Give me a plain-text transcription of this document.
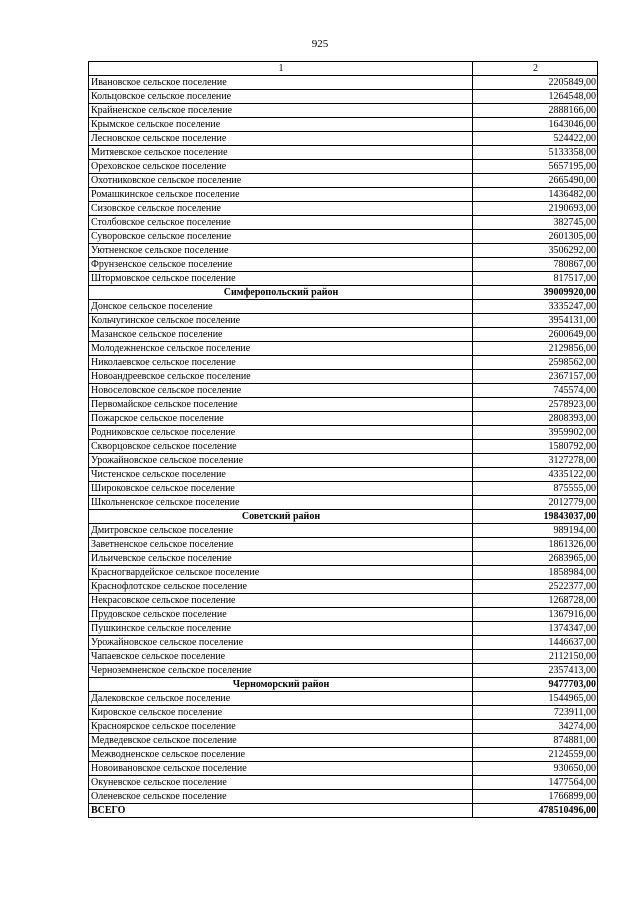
925
1	2
Ивановское сельское поселение	2205849,00
Кольцовское сельское поселение	1264548,00
Крайненское сельское поселение	2888166,00
Крымское сельское поселение	1643046,00
Лесновское сельское поселение	524422,00
Митяевское сельское поселение	5133358,00
Ореховское сельское поселение	5657195,00
Охотниковское сельское поселение	2665490,00
Ромашкинское сельское поселение	1436482,00
Сизовское сельское поселение	2190693,00
Столбовское сельское поселение	382745,00
Суворовское сельское поселение	2601305,00
Уютненское сельское поселение	3506292,00
Фрунзенское сельское поселение	780867,00
Штормовское сельское поселение	817517,00
Симферопольский район	39009920,00
Донское сельское поселение	3335247,00
Кольчугинское сельское поселение	3954131,00
Мазанское сельское поселение	2600649,00
Молодежненское сельское поселение	2129856,00
Николаевское сельское поселение	2598562,00
Новоандреевское сельское поселение	2367157,00
Новоселовское сельское поселение	745574,00
Первомайское сельское поселение	2578923,00
Пожарское сельское поселение	2808393,00
Родниковское сельское поселение	3959902,00
Скворцовское сельское поселение	1580792,00
Урожайновское сельское поселение	3127278,00
Чистенское сельское поселение	4335122,00
Широковское сельское поселение	875555,00
Школьненское сельское поселение	2012779,00
Советский район	19843037,00
Дмитровское сельское поселение	989194,00
Заветненское сельское поселение	1861326,00
Ильичевское сельское поселение	2683965,00
Красногвардейское сельское поселение	1858984,00
Краснофлотское сельское поселение	2522377,00
Некрасовское сельское поселение	1268728,00
Прудовское сельское поселение	1367916,00
Пушкинское сельское поселение	1374347,00
Урожайновское сельское поселение	1446637,00
Чапаевское сельское поселение	2112150,00
Черноземненское сельское поселение	2357413,00
Черноморский район	9477703,00
Далековское сельское поселение	1544965,00
Кировское сельское поселение	723911,00
Красноярское сельское поселение	34274,00
Медведевское сельское поселение	874881,00
Межводненское сельское поселение	2124559,00
Новоивановское сельское поселение	930650,00
Окуневское сельское поселение	1477564,00
Оленевское сельское поселение	1766899,00
ВСЕГО	478510496,00
